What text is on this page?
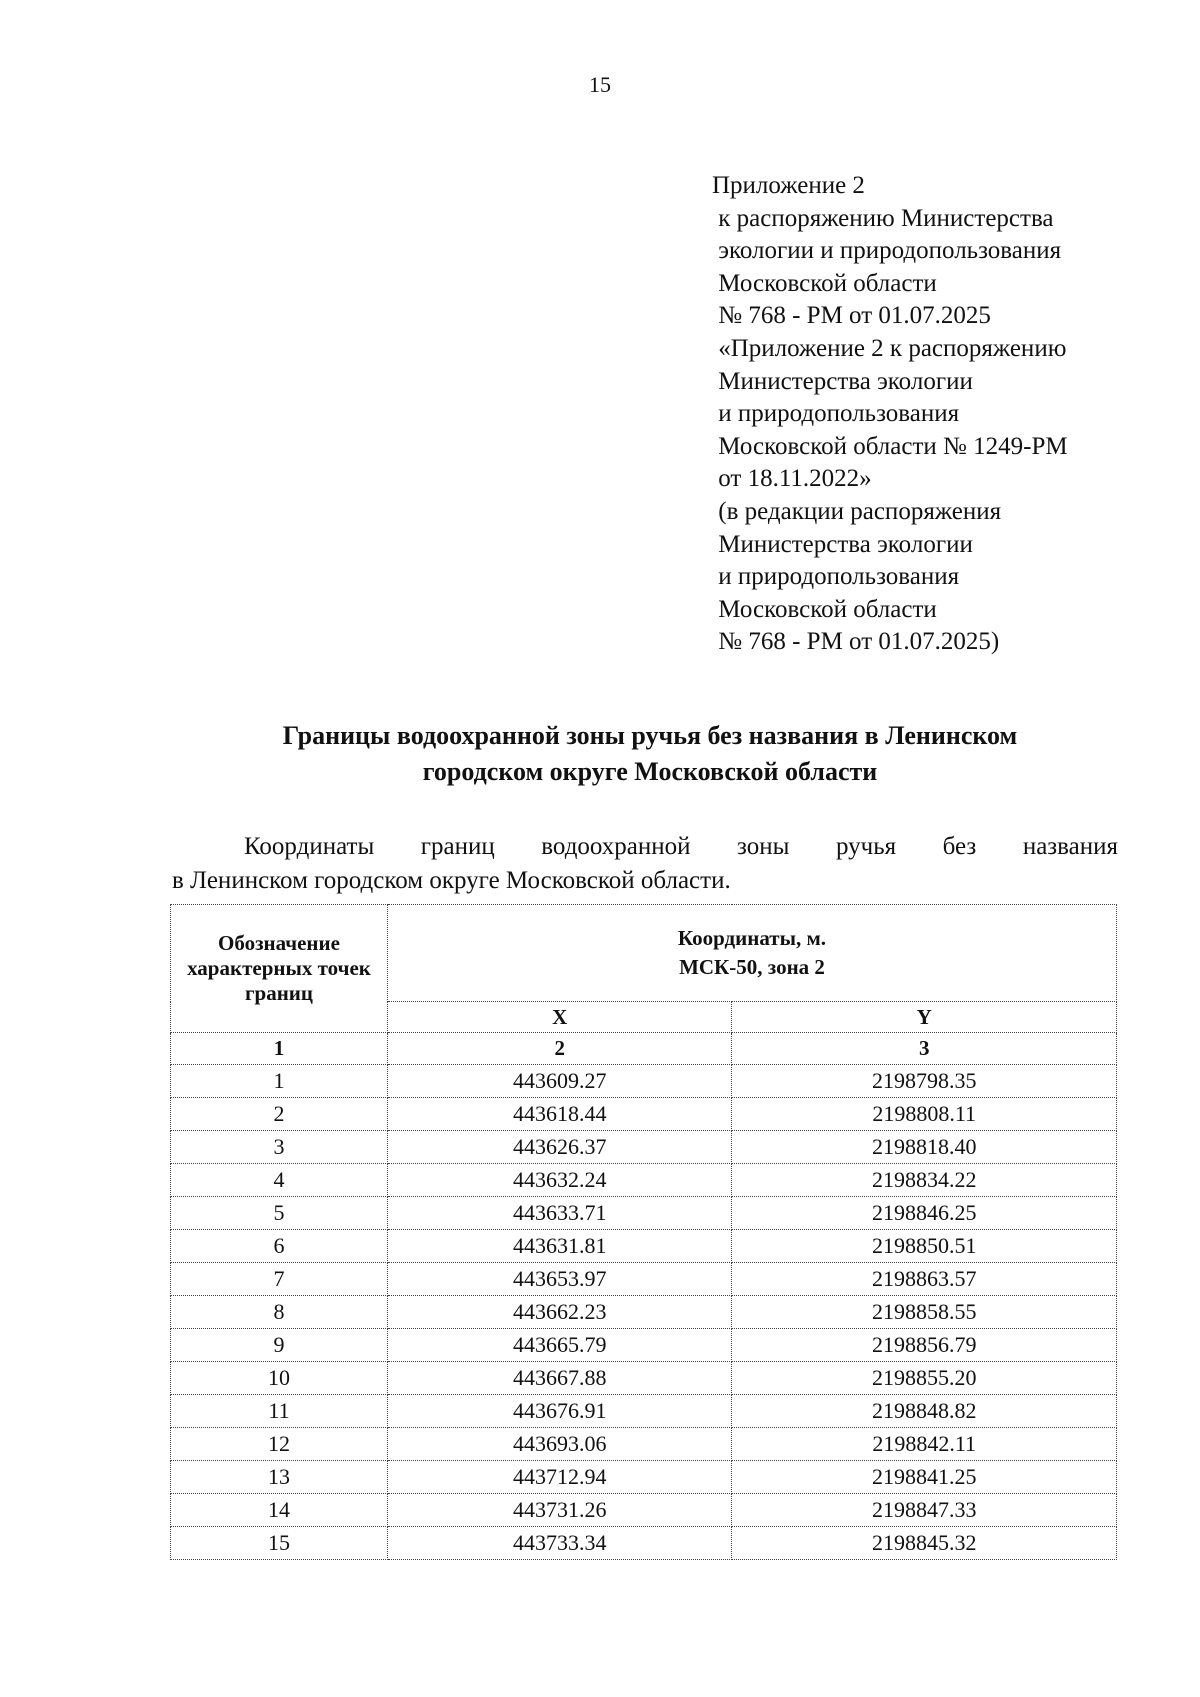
15
Приложение 2
к распоряжению Министерства
экологии и природопользования
Московской области
№ 768 - РМ от 01.07.2025
«Приложение 2 к распоряжению
Министерства экологии
и природопользования
Московской области № 1249-РМ
от 18.11.2022»
(в редакции распоряжения
Министерства экологии
и природопользования
Московской области
№ 768 - РМ от 01.07.2025)
Границы водоохранной зоны ручья без названия в Ленинском
городском округе Московской области
Координаты границ водоохранной зоны ручья без названия
в Ленинском городском округе Московской области.
Обозначение характерных точек границ	Координаты, м.
МСК-50, зона 2	
	X	Y
1	2	3
1	443609.27	2198798.35
2	443618.44	2198808.11
3	443626.37	2198818.40
4	443632.24	2198834.22
5	443633.71	2198846.25
6	443631.81	2198850.51
7	443653.97	2198863.57
8	443662.23	2198858.55
9	443665.79	2198856.79
10	443667.88	2198855.20
11	443676.91	2198848.82
12	443693.06	2198842.11
13	443712.94	2198841.25
14	443731.26	2198847.33
15	443733.34	2198845.32
